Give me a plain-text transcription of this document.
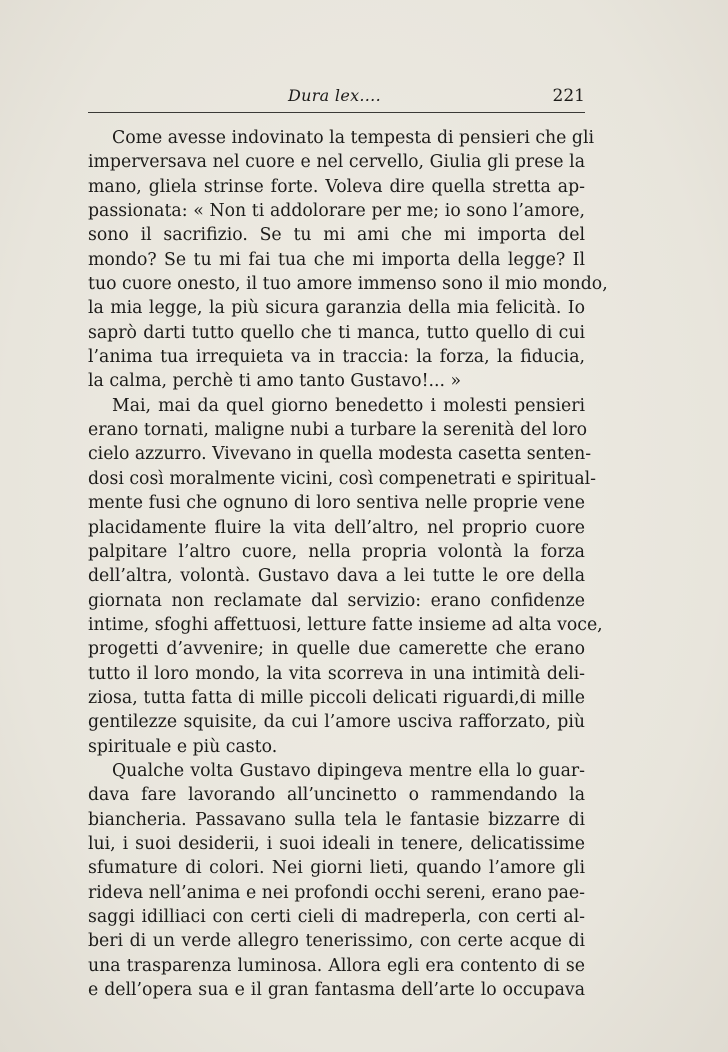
Dura lex....	221
Come avesse indovinato la tempesta di pensieri che gli
imperversava nel cuore e nel cervello, Giulia gli prese la
mano, gliela strinse forte. Voleva dire quella stretta ap-
passionata: « Non ti addolorare per me; io sono l’amore,
sono il sacrifizio. Se tu mi ami che mi importa del
mondo? Se tu mi fai tua che mi importa della legge? Il
tuo cuore onesto, il tuo amore immenso sono il mio mondo,
la mia legge, la più sicura garanzia della mia felicità. Io
saprò darti tutto quello che ti manca, tutto quello di cui
l’anima tua irrequieta va in traccia: la forza, la fiducia,
la calma, perchè ti amo tanto Gustavo!... »
Mai, mai da quel giorno benedetto i molesti pensieri
erano tornati, maligne nubi a turbare la serenità del loro
cielo azzurro. Vivevano in quella modesta casetta senten-
dosi così moralmente vicini, così compenetrati e spiritual-
mente fusi che ognuno di loro sentiva nelle proprie vene
placidamente fluire la vita dell’altro, nel proprio cuore
palpitare l’altro cuore, nella propria volontà la forza
dell’altra, volontà. Gustavo dava a lei tutte le ore della
giornata non reclamate dal servizio: erano confidenze
intime, sfoghi affettuosi, letture fatte insieme ad alta voce,
progetti d’avvenire; in quelle due camerette che erano
tutto il loro mondo, la vita scorreva in una intimità deli-
ziosa, tutta fatta di mille piccoli delicati riguardi,di mille
gentilezze squisite, da cui l’amore usciva rafforzato, più
spirituale e più casto.
Qualche volta Gustavo dipingeva mentre ella lo guar-
dava fare lavorando all’uncinetto o rammendando la
biancheria. Passavano sulla tela le fantasie bizzarre di
lui, i suoi desiderii, i suoi ideali in tenere, delicatissime
sfumature di colori. Nei giorni lieti, quando l’amore gli
rideva nell’anima e nei profondi occhi sereni, erano pae-
saggi idilliaci con certi cieli di madreperla, con certi al-
beri di un verde allegro tenerissimo, con certe acque di
una trasparenza luminosa. Allora egli era contento di se
e dell’opera sua e il gran fantasma dell’arte lo occupava
